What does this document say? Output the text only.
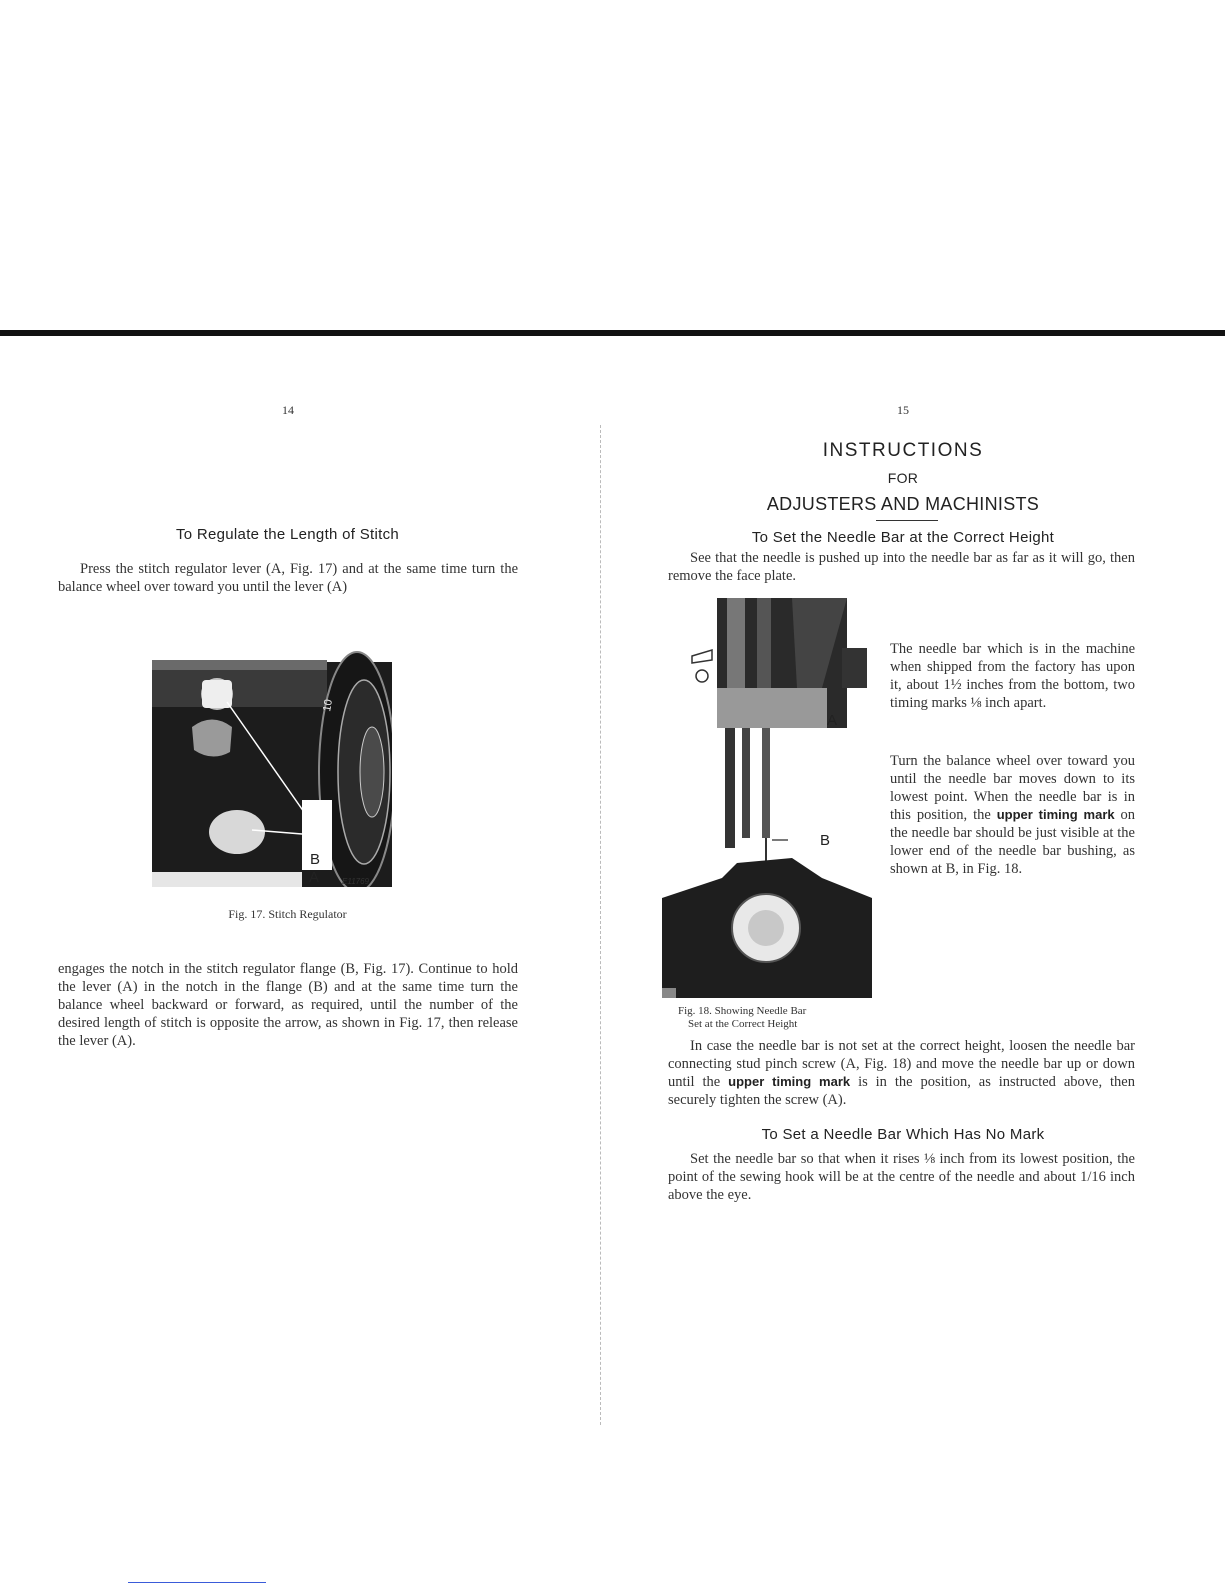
14
To Regulate the Length of Stitch
Press the stitch regulator lever (A, Fig. 17) and at the same time turn the balance wheel over toward you until the lever (A)
10
B
A	E11769
Fig. 17. Stitch Regulator
engages the notch in the stitch regulator flange (B, Fig. 17). Continue to hold the lever (A) in the notch in the flange (B) and at the same time turn the balance wheel backward or forward, as required, until the number of the desired length of stitch is opposite the arrow, as shown in Fig. 17, then release the lever (A).
15
INSTRUCTIONS
FOR
ADJUSTERS AND MACHINISTS
To Set the Needle Bar at the Correct Height
See that the needle is pushed up into the needle bar as far as it will go, then remove the face plate.
A
B
The needle bar which is in the machine when shipped from the factory has upon it, about 1½ inches from the bottom, two timing marks ⅛ inch apart.
Turn the balance wheel over toward you until the needle bar moves down to its lowest point. When the needle bar is in this position, the upper timing mark on the needle bar should be just visible at the lower end of the needle bar bushing, as shown at B, in Fig. 18.
Fig. 18. Showing Needle Bar
Set at the Correct Height
In case the needle bar is not set at the correct height, loosen the needle bar connecting stud pinch screw (A, Fig. 18) and move the needle bar up or down until the upper timing mark is in the position, as instructed above, then securely tighten the screw (A).
To Set a Needle Bar Which Has No Mark
Set the needle bar so that when it rises ⅛ inch from its lowest position, the point of the sewing hook will be at the centre of the needle and about 1/16 inch above the eye.
